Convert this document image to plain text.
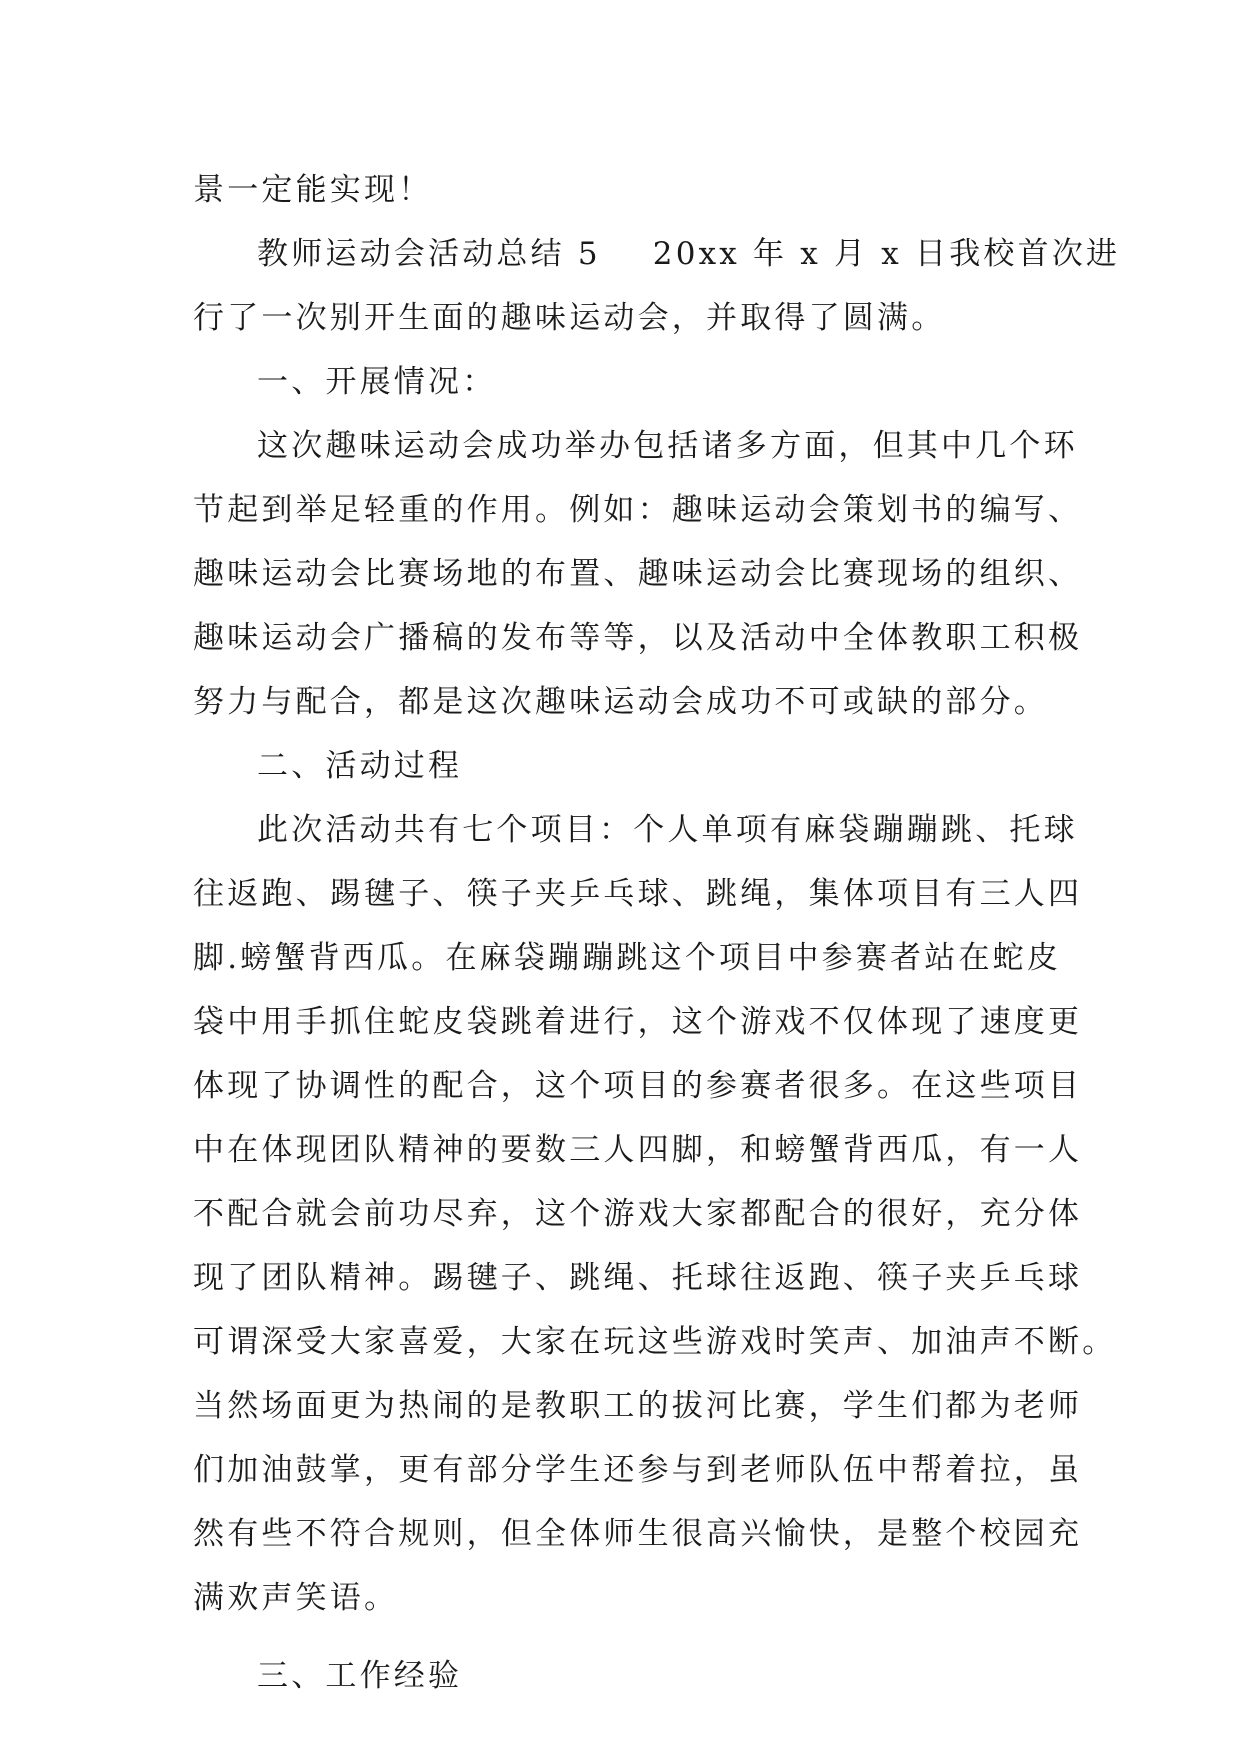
景一定能实现！
教师运动会活动总结 5 20xx 年 x 月 x 日我校首次进
行了一次别开生面的趣味运动会，并取得了圆满。
一、开展情况：
这次趣味运动会成功举办包括诸多方面，但其中几个环
节起到举足轻重的作用。例如：趣味运动会策划书的编写、
趣味运动会比赛场地的布置、趣味运动会比赛现场的组织、
趣味运动会广播稿的发布等等，以及活动中全体教职工积极
努力与配合，都是这次趣味运动会成功不可或缺的部分。
二、活动过程
此次活动共有七个项目：个人单项有麻袋蹦蹦跳、托球
往返跑、踢毽子、筷子夹乒乓球、跳绳，集体项目有三人四
脚.螃蟹背西瓜。在麻袋蹦蹦跳这个项目中参赛者站在蛇皮
袋中用手抓住蛇皮袋跳着进行，这个游戏不仅体现了速度更
体现了协调性的配合，这个项目的参赛者很多。在这些项目
中在体现团队精神的要数三人四脚，和螃蟹背西瓜，有一人
不配合就会前功尽弃，这个游戏大家都配合的很好，充分体
现了团队精神。踢毽子、跳绳、托球往返跑、筷子夹乒乓球
可谓深受大家喜爱，大家在玩这些游戏时笑声、加油声不断。
当然场面更为热闹的是教职工的拔河比赛，学生们都为老师
们加油鼓掌，更有部分学生还参与到老师队伍中帮着拉，虽
然有些不符合规则，但全体师生很高兴愉快，是整个校园充
满欢声笑语。
三、工作经验
